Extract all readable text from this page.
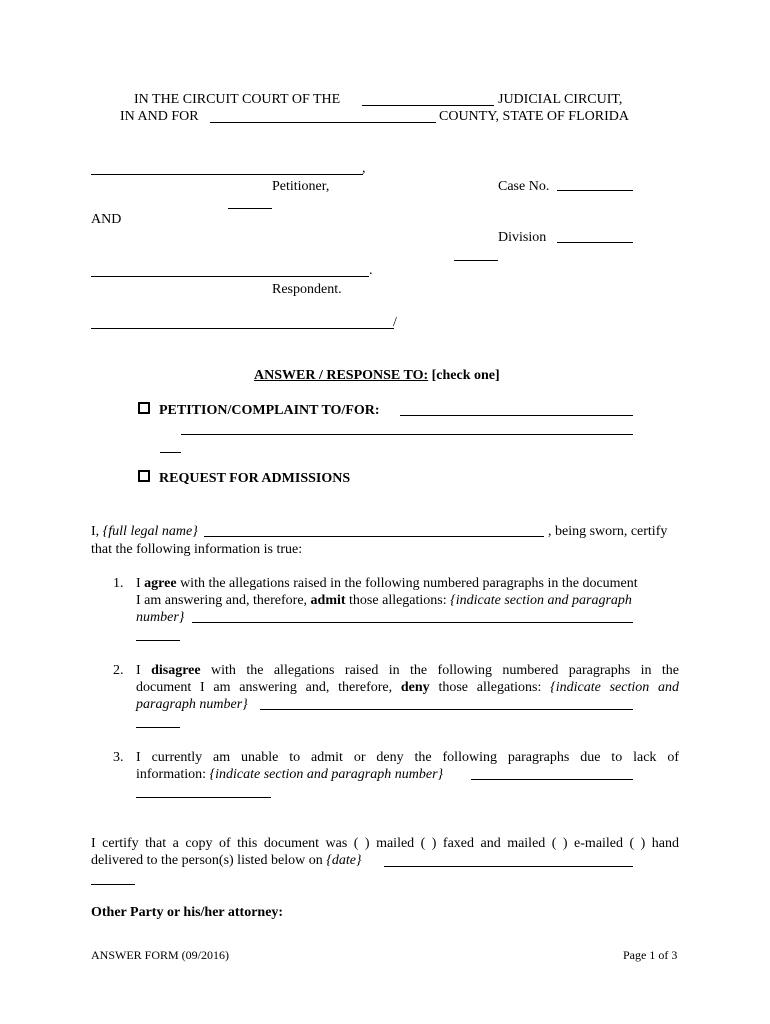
IN THE CIRCUIT COURT OF THE	JUDICIAL CIRCUIT,
IN AND FOR	COUNTY, STATE OF FLORIDA
,
Petitioner,	Case No.
AND
Division
.
Respondent.
/
ANSWER / RESPONSE TO: [check one]
PETITION/COMPLAINT TO/FOR:
REQUEST FOR ADMISSIONS
I, {full legal name}	, being sworn, certify
that the following information is true:
1. I agree with the allegations raised in the following numbered paragraphs in the document
I am answering and, therefore, admit those allegations: {indicate section and paragraph
number}
2. I disagree with the allegations raised in the following numbered paragraphs in the
document I am answering and, therefore, deny those allegations: {indicate section and
paragraph number}
3. I currently am unable to admit or deny the following paragraphs due to lack of
information: {indicate section and paragraph number}
I certify that a copy of this document was ( ) mailed ( ) faxed and mailed ( ) e-mailed ( ) hand
delivered to the person(s) listed below on {date}
Other Party or his/her attorney:
ANSWER FORM (09/2016)	Page 1 of 3
